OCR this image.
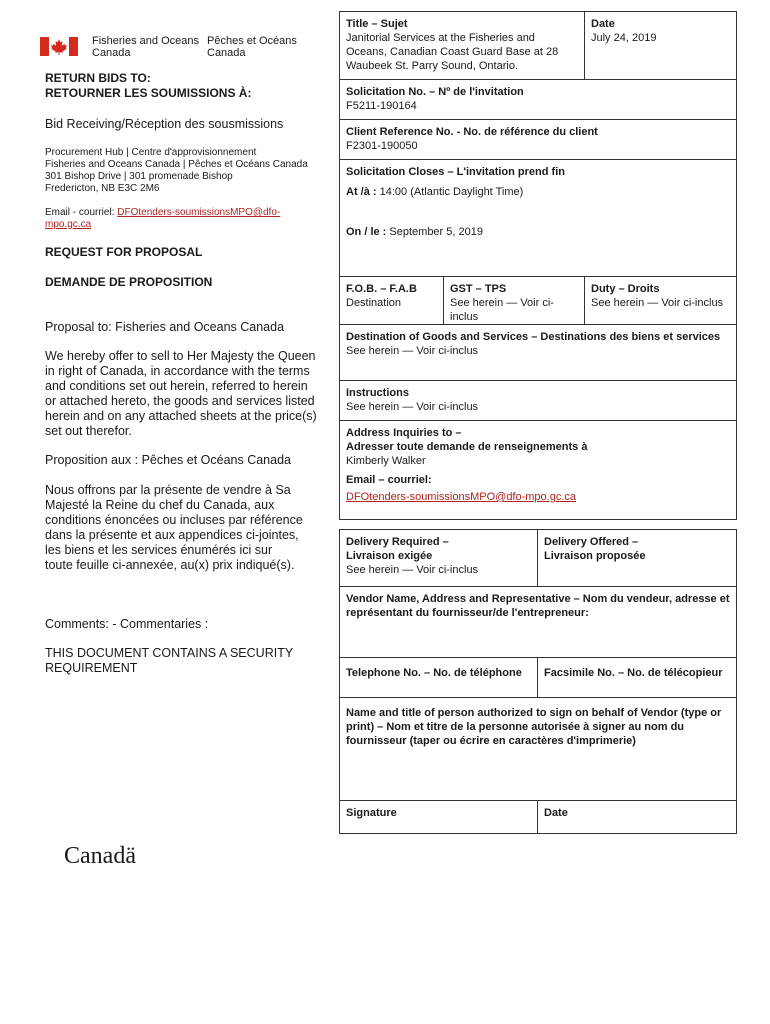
Fisheries and Oceans
Canada
Pêches et Océans
Canada
RETURN BIDS TO:
RETOURNER LES SOUMISSIONS À:
Bid Receiving/Réception des sousmissions
Procurement Hub | Centre d'approvisionnement
Fisheries and Oceans Canada | Pêches et Océans Canada
301 Bishop Drive | 301 promenade Bishop
Fredericton, NB E3C 2M6
Email - courriel: DFOtenders-soumissionsMPO@dfo-
mpo.gc.ca
REQUEST FOR PROPOSAL
DEMANDE DE PROPOSITION
Proposal to: Fisheries and Oceans Canada
We hereby offer to sell to Her Majesty the Queen in right of Canada, in accordance with the terms and conditions set out herein, referred to herein or attached hereto, the goods and services listed herein and on any attached sheets at the price(s) set out therefor.
Proposition aux : Pêches et Océans Canada
Nous offrons par la présente de vendre à Sa Majesté la Reine du chef du Canada, aux conditions énoncées ou incluses par référence dans la présente et aux appendices ci-jointes, les biens et les services énumérés ici sur toute feuille ci-annexée, au(x) prix indiqué(s).
Comments: - Commentaries :
THIS DOCUMENT CONTAINS A SECURITY REQUIREMENT
Title – Sujet
Janitorial Services at the Fisheries and Oceans, Canadian Coast Guard Base at 28 Waubeek St. Parry Sound, Ontario.
Date
July 24, 2019
Solicitation No. – Nº de l'invitation
F5211-190164
Client Reference No. - No. de référence du client
F2301-190050
Solicitation Closes – L'invitation prend fin
At /à : 14:00 (Atlantic Daylight Time)
On / le : September 5, 2019
F.O.B. – F.A.B
Destination
GST – TPS
See herein — Voir ci-inclus
Duty – Droits
See herein — Voir ci-inclus
Destination of Goods and Services – Destinations des biens et services
See herein — Voir ci-inclus
Instructions
See herein — Voir ci-inclus
Address Inquiries to –
Adresser toute demande de renseignements à
Kimberly Walker
Email – courriel:
DFOtenders-soumissionsMPO@dfo-mpo.gc.ca
Delivery Required –
Livraison exigée
See herein — Voir ci-inclus
Delivery Offered –
Livraison proposée
Vendor Name, Address and Representative – Nom du vendeur, adresse et représentant du fournisseur/de l'entrepreneur:
Telephone No. – No. de téléphone	Facsimile No. – No. de télécopieur
Name and title of person authorized to sign on behalf of Vendor (type or print) – Nom et titre de la personne autorisée à signer au nom du fournisseur (taper ou écrire en caractères d'imprimerie)
Signature	Date
Canadä
